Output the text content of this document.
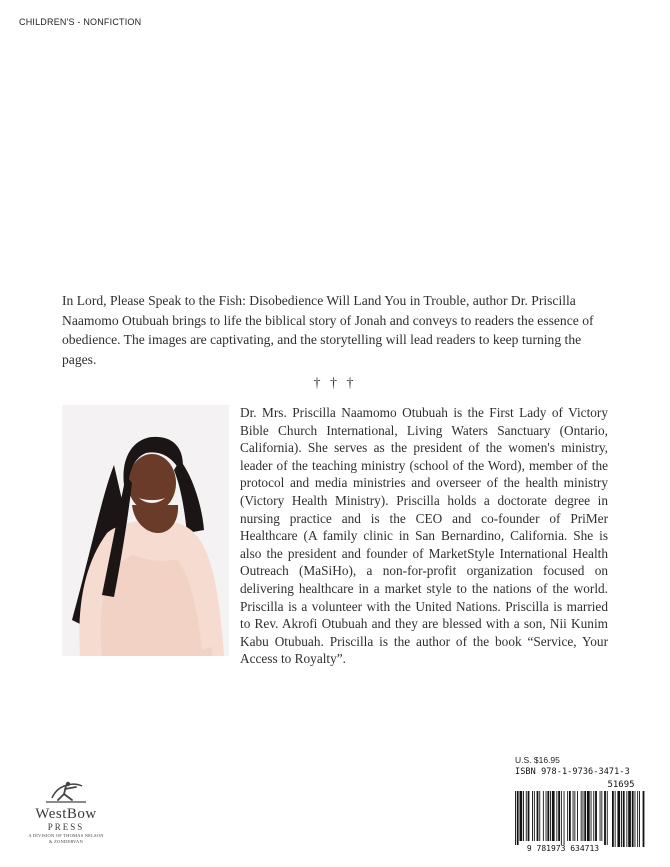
CHILDREN'S - NONFICTION
In Lord, Please Speak to the Fish: Disobedience Will Land You in Trouble, author Dr. Priscilla Naamomo Otubuah brings to life the biblical story of Jonah and conveys to readers the essence of obedience. The images are captivating, and the storytelling will lead readers to keep turning the pages.
† † †
Dr. Mrs. Priscilla Naamomo Otubuah is the First Lady of Victory Bible Church International, Living Waters Sanctuary (Ontario, California). She serves as the president of the women's ministry, leader of the teaching ministry (school of the Word), member of the protocol and media ministries and overseer of the health ministry (Victory Health Ministry). Priscilla holds a doctorate degree in nursing practice and is the CEO and co-founder of PriMer Healthcare (A family clinic in San Bernardino, California. She is also the president and founder of MarketStyle International Health Outreach (MaSiHo), a non-for-profit organization focused on delivering healthcare in a market style to the nations of the world. Priscilla is a volunteer with the United Nations. Priscilla is married to Rev. Akrofi Otubuah and they are blessed with a son, Nii Kunim Kabu Otubuah. Priscilla is the author of the book “Service, Your Access to Royalty”.
WestBow
PRESS
A DIVISION OF THOMAS NELSON
& ZONDERVAN
U.S. $16.95
ISBN 978-1-9736-3471-3
51695
9 781973 634713
